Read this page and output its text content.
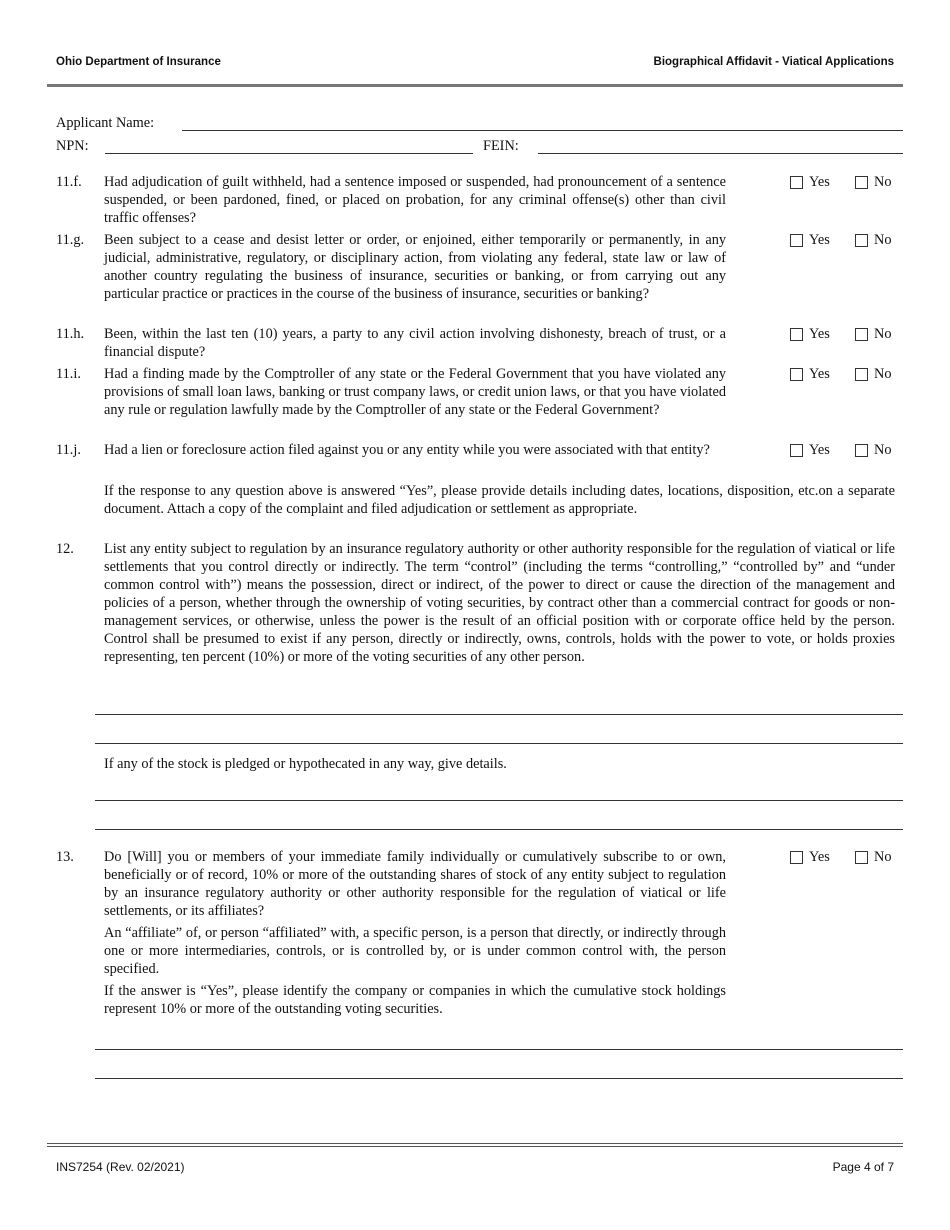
Ohio Department of Insurance	Biographical Affidavit - Viatical Applications
Applicant Name:
NPN:	FEIN:
11.f. Had adjudication of guilt withheld, had a sentence imposed or suspended, had pronouncement of a sentence suspended, or been pardoned, fined, or placed on probation, for any criminal offense(s) other than civil traffic offenses?
Yes	No
11.g. Been subject to a cease and desist letter or order, or enjoined, either temporarily or permanently, in any judicial, administrative, regulatory, or disciplinary action, from violating any federal, state law or law of another country regulating the business of insurance, securities or banking, or from carrying out any particular practice or practices in the course of the business of insurance, securities or banking?
Yes	No
11.h. Been, within the last ten (10) years, a party to any civil action involving dishonesty, breach of trust, or a financial dispute?
Yes	No
11.i. Had a finding made by the Comptroller of any state or the Federal Government that you have violated any provisions of small loan laws, banking or trust company laws, or credit union laws, or that you have violated any rule or regulation lawfully made by the Comptroller of any state or the Federal Government?
Yes	No
11.j. Had a lien or foreclosure action filed against you or any entity while you were associated with that entity?	Yes	No
If the response to any question above is answered “Yes”, please provide details including dates, locations, disposition, etc.on a separate document. Attach a copy of the complaint and filed adjudication or settlement as appropriate.
12. List any entity subject to regulation by an insurance regulatory authority or other authority responsible for the regulation of viatical or life settlements that you control directly or indirectly. The term “control” (including the terms “controlling,” “controlled by” and “under common control with”) means the possession, direct or indirect, of the power to direct or cause the direction of the management and policies of a person, whether through the ownership of voting securities, by contract other than a commercial contract for goods or non-management services, or otherwise, unless the power is the result of an official position with or corporate office held by the person. Control shall be presumed to exist if any person, directly or indirectly, owns, controls, holds with the power to vote, or holds proxies representing, ten percent (10%) or more of the voting securities of any other person.
If any of the stock is pledged or hypothecated in any way, give details.
13. Do [Will] you or members of your immediate family individually or cumulatively subscribe to or own, beneficially or of record, 10% or more of the outstanding shares of stock of any entity subject to regulation by an insurance regulatory authority or other authority responsible for the regulation of viatical or life settlements, or its affiliates?
Yes	No
An “affiliate” of, or person “affiliated” with, a specific person, is a person that directly, or indirectly through one or more intermediaries, controls, or is controlled by, or is under common control with, the person specified.
If the answer is “Yes”, please identify the company or companies in which the cumulative stock holdings represent 10% or more of the outstanding voting securities.
INS7254 (Rev. 02/2021)	Page 4 of 7
